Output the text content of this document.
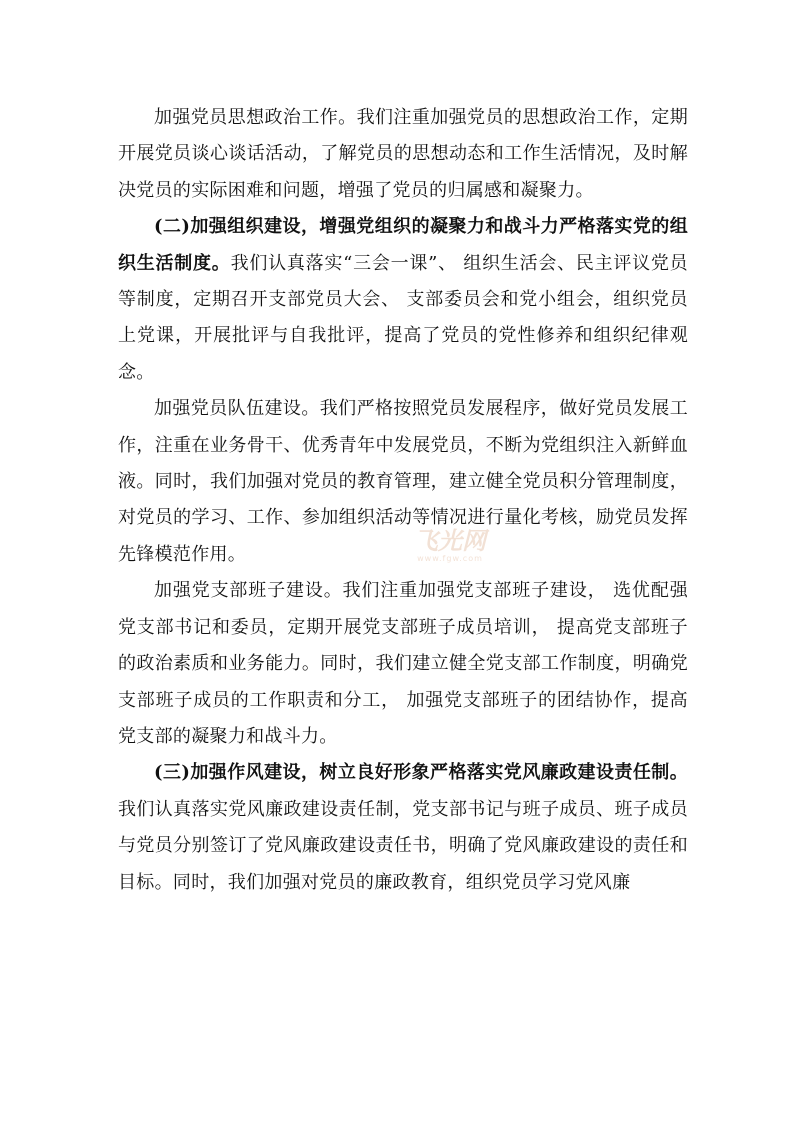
加强党员思想政治工作。我们注重加强党员的思想政治工作，定期开展党员谈心谈话活动，了解党员的思想动态和工作生活情况，及时解决党员的实际困难和问题，增强了党员的归属感和凝聚力。

(二)加强组织建设，增强党组织的凝聚力和战斗力严格落实党的组织生活制度。我们认真落实“三会一课”、 组织生活会、民主评议党员等制度，定期召开支部党员大会、 支部委员会和党小组会，组织党员上党课，开展批评与自我批评，提高了党员的党性修养和组织纪律观念。

加强党员队伍建设。我们严格按照党员发展程序，做好党员发展工作，注重在业务骨干、优秀青年中发展党员，不断为党组织注入新鲜血液。同时，我们加强对党员的教育管理，建立健全党员积分管理制度，对党员的学习、工作、参加组织活动等情况进行量化考核，励党员发挥先锋模范作用。

加强党支部班子建设。我们注重加强党支部班子建设， 选优配强党支部书记和委员，定期开展党支部班子成员培训， 提高党支部班子的政治素质和业务能力。同时，我们建立健全党支部工作制度，明确党支部班子成员的工作职责和分工， 加强党支部班子的团结协作，提高党支部的凝聚力和战斗力。

(三)加强作风建设，树立良好形象严格落实党风廉政建设责任制。我们认真落实党风廉政建设责任制，党支部书记与班子成员、班子成员与党员分别签订了党风廉政建设责任书，明确了党风廉政建设的责任和目标。同时，我们加强对党员的廉政教育，组织党员学习党风廉

飞光网
www.fgw.com
